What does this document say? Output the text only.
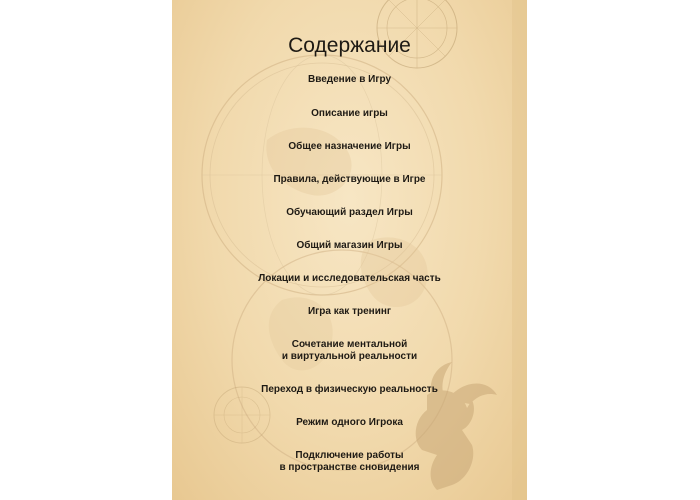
Содержание
Введение в Игру
Описание игры
Общее назначение Игры
Правила, действующие в Игре
Обучающий раздел Игры
Общий магазин Игры
Локации и исследовательская часть
Игра как тренинг
Сочетание ментальной
и виртуальной реальности
Переход в физическую реальность
Режим одного Игрока
Подключение работы
в пространстве сновидения
